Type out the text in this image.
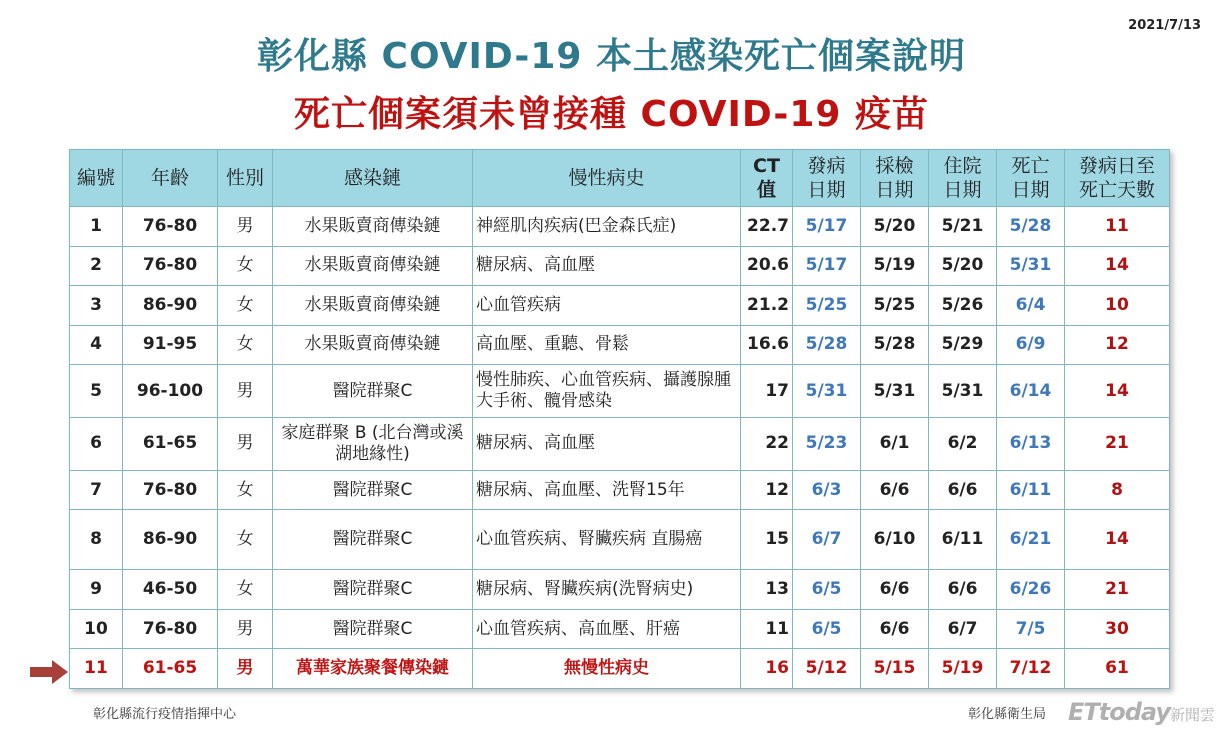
2021/7/13
彰化縣 COVID-19 本土感染死亡個案說明
死亡個案須未曾接種 COVID-19 疫苗
編號	年齡	性別	感染鏈	慢性病史	CT 值	發病 日期	採檢 日期	住院 日期	死亡 日期	發病日至 死亡天數
1	76-80	男	水果販賣商傳染鏈	神經肌肉疾病(巴金森氏症)	22.7	5/17	5/20	5/21	5/28	11
2	76-80	女	水果販賣商傳染鏈	糖尿病、高血壓	20.6	5/17	5/19	5/20	5/31	14
3	86-90	女	水果販賣商傳染鏈	心血管疾病	21.2	5/25	5/25	5/26	6/4	10
4	91-95	女	水果販賣商傳染鏈	高血壓、重聽、骨鬆	16.6	5/28	5/28	5/29	6/9	12
5	96-100	男	醫院群聚C	慢性肺疾、心血管疾病、攝護腺腫大手術、髖骨感染	17	5/31	5/31	5/31	6/14	14
6	61-65	男	家庭群聚 B (北台灣或溪湖地緣性)	糖尿病、高血壓	22	5/23	6/1	6/2	6/13	21
7	76-80	女	醫院群聚C	糖尿病、高血壓、洗腎15年	12	6/3	6/6	6/6	6/11	8
8	86-90	女	醫院群聚C	心血管疾病、腎臟疾病 直腸癌	15	6/7	6/10	6/11	6/21	14
9	46-50	女	醫院群聚C	糖尿病、腎臟疾病(洗腎病史)	13	6/5	6/6	6/6	6/26	21
10	76-80	男	醫院群聚C	心血管疾病、高血壓、肝癌	11	6/5	6/6	6/7	7/5	30
11	61-65	男	萬華家族聚餐傳染鏈	無慢性病史	16	5/12	5/15	5/19	7/12	61
彰化縣流行疫情指揮中心	彰化縣衛生局 ETtoday新聞雲
